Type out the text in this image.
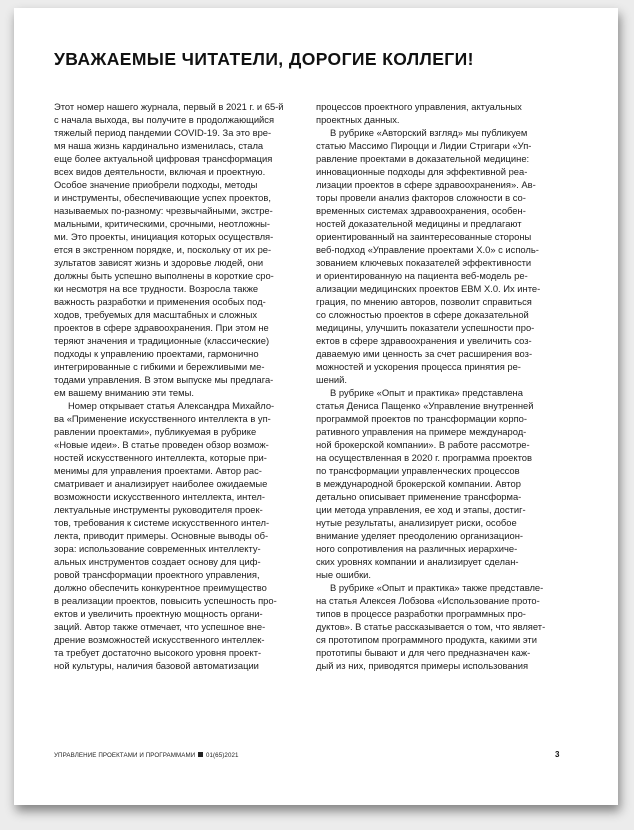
УВАЖАЕМЫЕ ЧИТАТЕЛИ, ДОРОГИЕ КОЛЛЕГИ!

Этот номер нашего журнала, первый в 2021 г. и 65-й
с начала выхода, вы получите в продолжающийся
тяжелый период пандемии COVID-19. За это вре-
мя наша жизнь кардинально изменилась, стала
еще более актуальной цифровая трансформация
всех видов деятельности, включая и проектную.
Особое значение приобрели подходы, методы
и инструменты, обеспечивающие успех проектов,
называемых по-разному: чрезвычайными, экстре-
мальными, критическими, срочными, неотложны-
ми. Это проекты, инициация которых осуществля-
ется в экстренном порядке, и, поскольку от их ре-
зультатов зависят жизнь и здоровье людей, они
должны быть успешно выполнены в короткие сро-
ки несмотря на все трудности. Возросла также
важность разработки и применения особых под-
ходов, требуемых для масштабных и сложных
проектов в сфере здравоохранения. При этом не
теряют значения и традиционные (классические)
подходы к управлению проектами, гармонично
интегрированные с гибкими и бережливыми ме-
тодами управления. В этом выпуске мы предлага-
ем вашему вниманию эти темы.

Номер открывает статья Александра Михайло-
ва «Применение искусственного интеллекта в уп-
равлении проектами», публикуемая в рубрике
«Новые идеи». В статье проведен обзор возмож-
ностей искусственного интеллекта, которые при-
менимы для управления проектами. Автор рас-
сматривает и анализирует наиболее ожидаемые
возможности искусственного интеллекта, интел-
лектуальные инструменты руководителя проек-
тов, требования к системе искусственного интел-
лекта, приводит примеры. Основные выводы об-
зора: использование современных интеллекту-
альных инструментов создает основу для циф-
ровой трансформации проектного управления,
должно обеспечить конкурентное преимущество
в реализации проектов, повысить успешность про-
ектов и увеличить проектную мощность органи-
заций. Автор также отмечает, что успешное вне-
дрение возможностей искусственного интеллек-
та требует достаточно высокого уровня проект-
ной культуры, наличия базовой автоматизации

процессов проектного управления, актуальных
проектных данных.

В рубрике «Авторский взгляд» мы публикуем
статью Массимо Пироцци и Лидии Стригари «Уп-
равление проектами в доказательной медицине:
инновационные подходы для эффективной реа-
лизации проектов в сфере здравоохранения». Ав-
торы провели анализ факторов сложности в со-
временных системах здравоохранения, особен-
ностей доказательной медицины и предлагают
ориентированный на заинтересованные стороны
веб-подход «Управление проектами X.0» с исполь-
зованием ключевых показателей эффективности
и ориентированную на пациента веб-модель ре-
ализации медицинских проектов EBM X.0. Их инте-
грация, по мнению авторов, позволит справиться
со сложностью проектов в сфере доказательной
медицины, улучшить показатели успешности про-
ектов в сфере здравоохранения и увеличить соз-
даваемую ими ценность за счет расширения воз-
можностей и ускорения процесса принятия ре-
шений.

В рубрике «Опыт и практика» представлена
статья Дениса Пащенко «Управление внутренней
программой проектов по трансформации корпо-
ративного управления на примере международ-
ной брокерской компании». В работе рассмотре-
на осуществленная в 2020 г. программа проектов
по трансформации управленческих процессов
в международной брокерской компании. Автор
детально описывает применение трансформа-
ции метода управления, ее ход и этапы, достиг-
нутые результаты, анализирует риски, особое
внимание уделяет преодолению организацион-
ного сопротивления на различных иерархиче-
ских уровнях компании и анализирует сделан-
ные ошибки.

В рубрике «Опыт и практика» также представле-
на статья Алексея Лобзова «Использование прото-
типов в процессе разработки программных про-
дуктов». В статье рассказывается о том, что являет-
ся прототипом программного продукта, какими эти
прототипы бывают и для чего предназначен каж-
дый из них, приводятся примеры использования

УПРАВЛЕНИЕ ПРОЕКТАМИ И ПРОГРАММАМИ 01(65)2021	3
